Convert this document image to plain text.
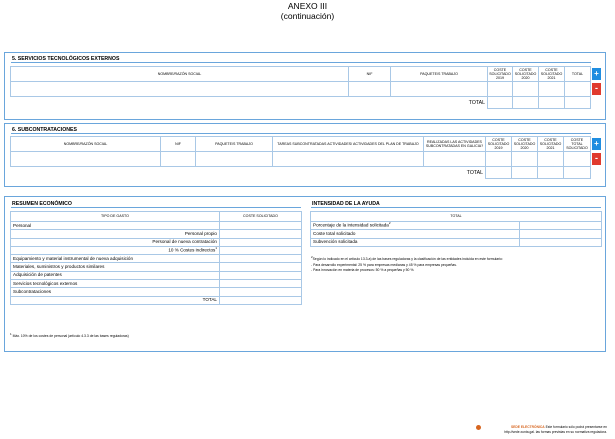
ANEXO III
(continuación)
5. SERVICIOS TECNOLÓGICOS EXTERNOS
NOMBRE/RAZÓN SOCIAL	NIF	PAQUETE/S TRABAJO	COSTE SOLICITADO 2019	COSTE SOLICITADO 2020	COSTE SOLICITADO 2021	TOTAL

		TOTAL				
+
-
6. SUBCONTRATACIONES
NOMBRE/RAZÓN SOCIAL	NIF	PAQUETE/S TRABAJO	TAREAS SUBCONTRATADAS ACTIVIDADES/ ACTIVIDADES DEL PLAN DE TRABAJO	REALIZADAS LAS ACTIVIDADES SUBCONTRATADAS EN GALICIA?	COSTE SOLICITADO 2019	COSTE SOLICITADO 2020	COSTE SOLICITADO 2021	COSTE TOTAL SOLICITADO

				TOTAL				
+
-
RESUMEN ECONÓMICO
TIPO DE GASTO	COSTE SOLICITADO
Personal	
Personal propio	
Personal de nueva contratación	
10 % Costes indirectos$^1$	
Equipamiento y material instrumental de nueva adquisición	
Materiales, suministros y productos similares	
Adquisición de patentes	
Servicios tecnológicos externos	
Subcontrataciones	
TOTAL	
$^1$ Máx. 10% de los costes de personal (artículo 4.3.3 de las bases reguladoras)
INTENSIDAD DE LA AYUDA
TOTAL	
Porcentaje de la intensidad solicitada$^2$	
Coste total solicitado	
Subvención solicitada	
$^2$Según lo indicado en el artículo 13.3.a) de las bases reguladoras y la clasificación de las entidades incluida en este formulario:
- Para desarrollo experimental: 25 % para empresas medianas y 45 % para empresas pequeñas.
- Para innovación en materia de procesos: 50 % a pequeñas y 50 %.
SEDE ELECTRÓNICA Este formulario sólo podrá presentarse en
http://sede.xunta.gal. las formas previstas en su normativa reguladora.
